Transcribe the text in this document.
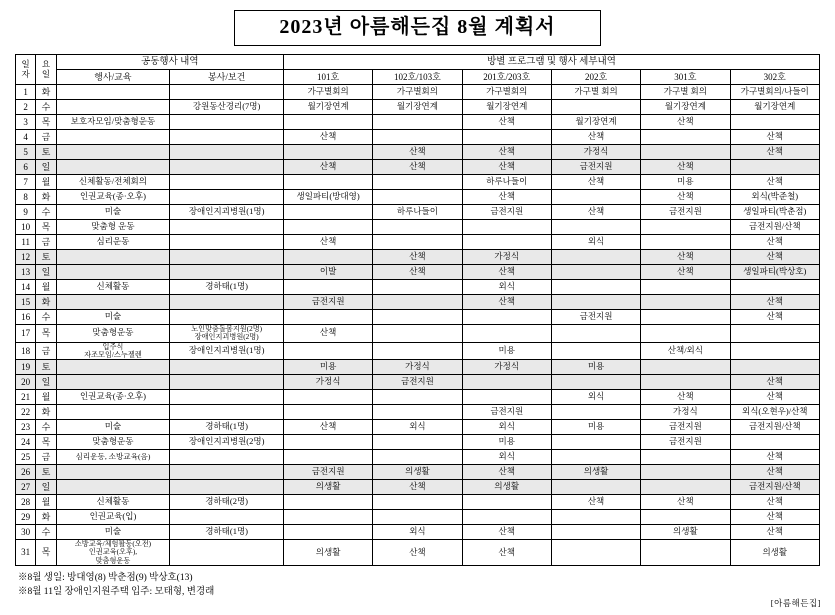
2023년 아름해든집 8월 계획서
일
자	요
일	공동행사 내역		방별 프로그램 및 행사 세부내역					
		행사/교육	봉사/보건	101호	102호/103호	201호/203호	202호	301호	302호
1	화			가구별회의	가구별회의	가구별회의	가구별 회의	가구별 회의	가구별회의/나들이
2	수		강원동산경리(7명)	월기장연계	월기장연계	월기장연계		월기장연계	월기장연계
3	목	보호자모임/맞춤형운동				산책	월기장연계	산책	
4	금			산책			산책		산책
5	토				산책	산책	가정식		산책
6	일			산책	산책	산책	금전지원	산책	
7	월	신체활동/전체회의				하루나들이	산책	미용	산책
8	화	인권교육(종·오후)		생일파티(방대영)		산책		산책	외식(박준철)
9	수	미술	장애인지괴병원(1명)		하루나들이	금전지원	산책	금전지원	생일파티(박춘점)
10	목	맞춤형 운동							금전지원/산책
11	금	심리운동		산책			외식		산책
12	토				산책	가정식		산책	산책
13	일			이발	산책	산책		산책	생일파티(박상호)
14	월	신체활동	경하태(1명)			외식			
15	화			금전지원		산책			산책
16	수	미술					금전지원		산책
17	목	맞춤형운동	노인맞춤돌봄지원(2명)
장애인지괴병원(2명)	산책					
18	금	입주식
자조모임/스누젤렌	장애인지괴병원(1명)			미용		산책/외식	
19	토			미용	가정식	가정식	미용		
20	일			가정식	금전지원				산책
21	월	인권교육(종·오후)					외식	산책	산책
22	화					금전지원		가정식	외식(오현우)/산책
23	수	미술	경하태(1명)	산책	외식	외식	미용	금전지원	금전지원/산책
24	목	맞춤형운동	장애인지괴병원(2명)			미용		금전지원	
25	금	심리운동, 소방교육(음)				외식			산책
26	토			금전지원	의생활	산책	의생활		산책
27	일			의생활	산책	의생활			금전지원/산책
28	월	신체활동	경하태(2명)				산책	산책	산책
29	화	인권교육(입)							산책
30	수	미술	경하태(1명)		외식	산책		의생활	산책
31	목	소방교육/체험활동(오전)
인권교육(오후),
맞춤형운동		의생활	산책	산책			의생활
※8월 생일: 방대영(8) 박춘점(9) 박상호(13)
※8월 11일 장애인지원주택 입주: 모태형, 변경래
[아름해든집]
